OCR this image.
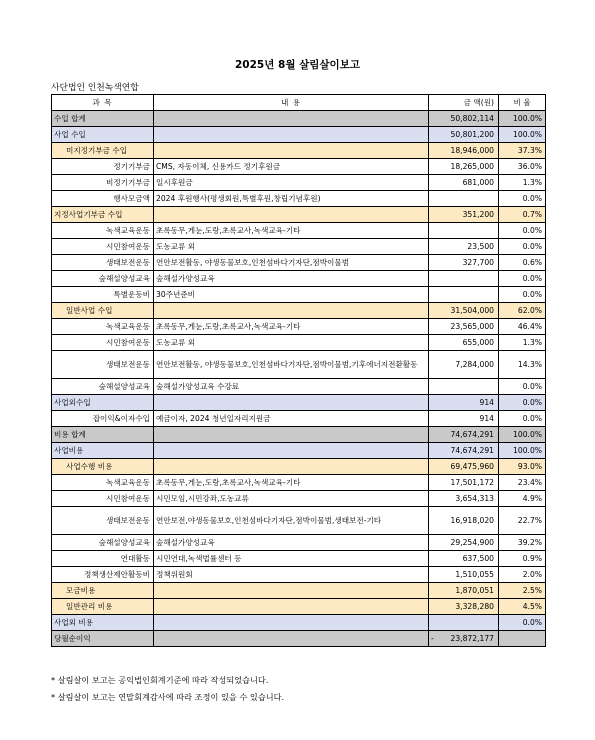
2025년 8월 살림살이보고
사단법인 인천녹색연합
과 목	내 용	금 액(원)	비 율
수입 합계		50,802,114	100.0%
사업 수입		50,801,200	100.0%
미지정기부금 수입		18,946,000	37.3%
정기기부금	CMS, 자동이체, 신용카드 정기후원금	18,265,000	36.0%
비정기기부금	일시후원금	681,000	1.3%
행사모금액	2024 후원행사(평생회원,특별후원,창립기념후원)		0.0%
지정사업기부금 수입		351,200	0.7%
녹색교육운동	초록동무,게눈,도랑,초록교사,녹색교육-기타		0.0%
시민참여운동	도농교류 외	23,500	0.0%
생태보전운동	연안보전활동, 야생동물보호,인천섬바다기자단,점박이물범	327,700	0.6%
숲해설양성교육	숲해설가양성교육		0.0%
특별운동비	30주년준비		0.0%
일반사업 수입		31,504,000	62.0%
녹색교육운동	초록동무,게눈,도랑,초록교사,녹색교육-기타	23,565,000	46.4%
시민참여운동	도농교류 외	655,000	1.3%
생태보전운동	연안보전활동, 야생동물보호,인천섬바다기자단,점박이물범,기후에너지전환활동	7,284,000	14.3%
숲해설양성교육	숲해설가양성교육 수강료		0.0%
사업외수입		914	0.0%
잡이익&이자수입	예금이자, 2024 청년일자리지원금	914	0.0%
비용 합계		74,674,291	100.0%
사업비용		74,674,291	100.0%
사업수행 비용		69,475,960	93.0%
녹색교육운동	초록동무,게눈,도랑,초록교사,녹색교육-기타	17,501,172	23.4%
시민참여운동	시민모임,시민강좌,도농교류	3,654,313	4.9%
생태보전운동	연안보전,야생동물보호,인천섬바다기자단,점박이물범,생태보전-기타	16,918,020	22.7%
숲해설양성교육	숲해설가양성교육	29,254,900	39.2%
연대활동	시민연대,녹색법률센터 등	637,500	0.9%
정책생산제안활동비	정책위원회	1,510,055	2.0%
모금비용		1,870,051	2.5%
일반관리 비용		3,328,280	4.5%
사업외 비용			0.0%
당월순이익		- 23,872,177	

* 살림살이 보고는 공익법인회계기준에 따라 작성되었습니다.
* 살림살이 보고는 연말회계감사에 따라 조정이 있을 수 있습니다.
